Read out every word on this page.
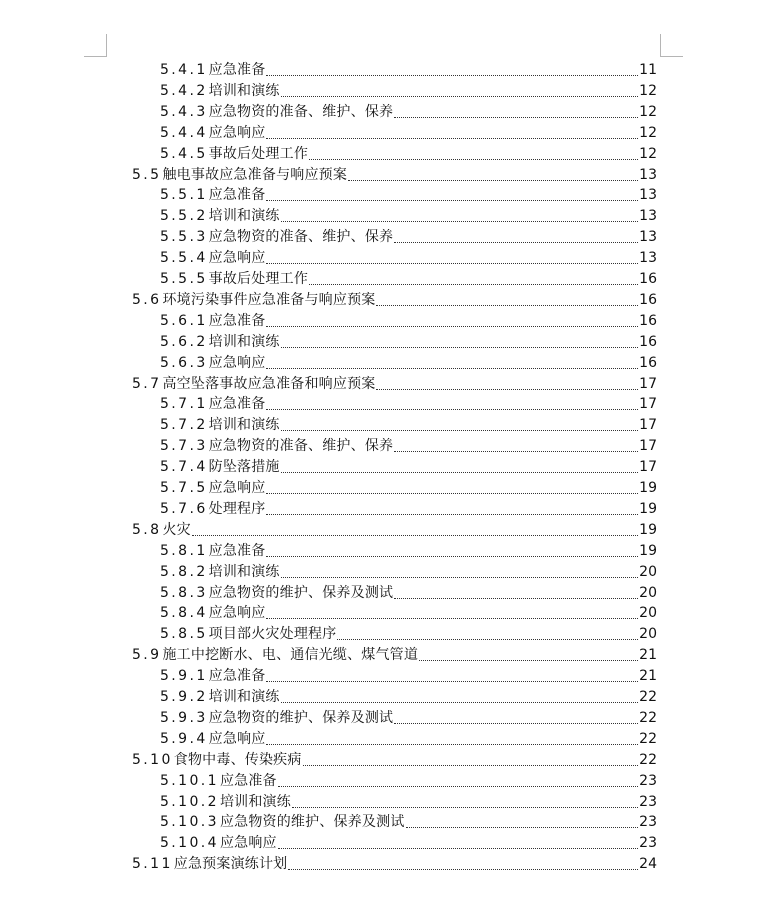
5.4.1 应急准备	11
5.4.2 培训和演练	12
5.4.3 应急物资的准备、维护、保养	12
5.4.4 应急响应	12
5.4.5 事故后处理工作	12
5.5 触电事故应急准备与响应预案	13
5.5.1 应急准备	13
5.5.2 培训和演练	13
5.5.3 应急物资的准备、维护、保养	13
5.5.4 应急响应	13
5.5.5 事故后处理工作	16
5.6 环境污染事件应急准备与响应预案	16
5.6.1 应急准备	16
5.6.2 培训和演练	16
5.6.3 应急响应	16
5.7 高空坠落事故应急准备和响应预案	17
5.7.1 应急准备	17
5.7.2 培训和演练	17
5.7.3 应急物资的准备、维护、保养	17
5.7.4 防坠落措施	17
5.7.5 应急响应	19
5.7.6 处理程序	19
5.8 火灾	19
5.8.1 应急准备	19
5.8.2 培训和演练	20
5.8.3 应急物资的维护、保养及测试	20
5.8.4 应急响应	20
5.8.5 项目部火灾处理程序	20
5.9 施工中挖断水、电、通信光缆、煤气管道	21
5.9.1 应急准备	21
5.9.2 培训和演练	22
5.9.3 应急物资的维护、保养及测试	22
5.9.4 应急响应	22
5.10 食物中毒、传染疾病	22
5.10.1 应急准备	23
5.10.2 培训和演练	23
5.10.3 应急物资的维护、保养及测试	23
5.10.4 应急响应	23
5.11 应急预案演练计划	24
